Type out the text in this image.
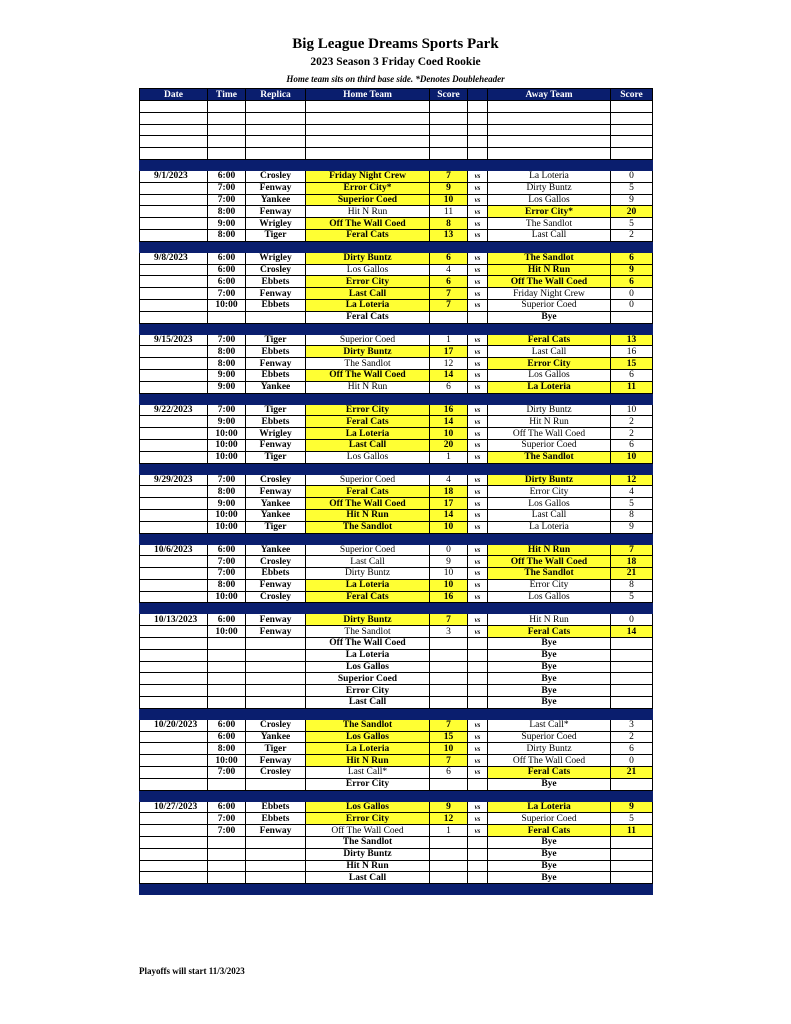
Big League Dreams Sports Park
2023 Season 3 Friday Coed Rookie
Home team sits on third base side. *Denotes Doubleheader
Date	Time	Replica	Home Team	Score		Away Team	Score

9/1/2023	6:00	Crosley	Friday Night Crew	7	vs	La Loteria	0
	7:00	Fenway	Error City*	9	vs	Dirty Buntz	5
	7:00	Yankee	Superior Coed	10	vs	Los Gallos	9
	8:00	Fenway	Hit N Run	11	vs	Error City*	20
	9:00	Wrigley	Off The Wall Coed	8	vs	The Sandlot	5
	8:00	Tiger	Feral Cats	13	vs	Last Call	2

9/8/2023	6:00	Wrigley	Dirty Buntz	6	vs	The Sandlot	6
	6:00	Crosley	Los Gallos	4	vs	Hit N Run	9
	6:00	Ebbets	Error City	6	vs	Off The Wall Coed	6
	7:00	Fenway	Last Call	7	vs	Friday Night Crew	0
	10:00	Ebbets	La Loteria	7	vs	Superior Coed	0
			Feral Cats			Bye	

9/15/2023	7:00	Tiger	Superior Coed	1	vs	Feral Cats	13
	8:00	Ebbets	Dirty Buntz	17	vs	Last Call	16
	8:00	Fenway	The Sandlot	12	vs	Error City	15
	9:00	Ebbets	Off The Wall Coed	14	vs	Los Gallos	6
	9:00	Yankee	Hit N Run	6	vs	La Loteria	11

9/22/2023	7:00	Tiger	Error City	16	vs	Dirty Buntz	10
	9:00	Ebbets	Feral Cats	14	vs	Hit N Run	2
	10:00	Wrigley	La Loteria	10	vs	Off The Wall Coed	2
	10:00	Fenway	Last Call	20	vs	Superior Coed	6
	10:00	Tiger	Los Gallos	1	vs	The Sandlot	10

9/29/2023	7:00	Crosley	Superior Coed	4	vs	Dirty Buntz	12
	8:00	Fenway	Feral Cats	18	vs	Error City	4
	9:00	Yankee	Off The Wall Coed	17	vs	Los Gallos	5
	10:00	Yankee	Hit N Run	14	vs	Last Call	8
	10:00	Tiger	The Sandlot	10	vs	La Loteria	9

10/6/2023	6:00	Yankee	Superior Coed	0	vs	Hit N Run	7
	7:00	Crosley	Last Call	9	vs	Off The Wall Coed	18
	7:00	Ebbets	Dirty Buntz	10	vs	The Sandlot	21
	8:00	Fenway	La Loteria	10	vs	Error City	8
	10:00	Crosley	Feral Cats	16	vs	Los Gallos	5

10/13/2023	6:00	Fenway	Dirty Buntz	7	vs	Hit N Run	0
	10:00	Fenway	The Sandlot	3	vs	Feral Cats	14
			Off The Wall Coed			Bye	
			La Loteria			Bye	
			Los Gallos			Bye	
			Superior Coed			Bye	
			Error City			Bye	
			Last Call			Bye	

10/20/2023	6:00	Crosley	The Sandlot	7	vs	Last Call*	3
	6:00	Yankee	Los Gallos	15	vs	Superior Coed	2
	8:00	Tiger	La Loteria	10	vs	Dirty Buntz	6
	10:00	Fenway	Hit N Run	7	vs	Off The Wall Coed	0
	7:00	Crosley	Last Call*	6	vs	Feral Cats	21
			Error City			Bye	

10/27/2023	6:00	Ebbets	Los Gallos	9	vs	La Loteria	9
	7:00	Ebbets	Error City	12	vs	Superior Coed	5
	7:00	Fenway	Off The Wall Coed	1	vs	Feral Cats	11
			The Sandlot			Bye	
			Dirty Buntz			Bye	
			Hit N Run			Bye	
			Last Call			Bye	

Playoffs will start 11/3/2023
